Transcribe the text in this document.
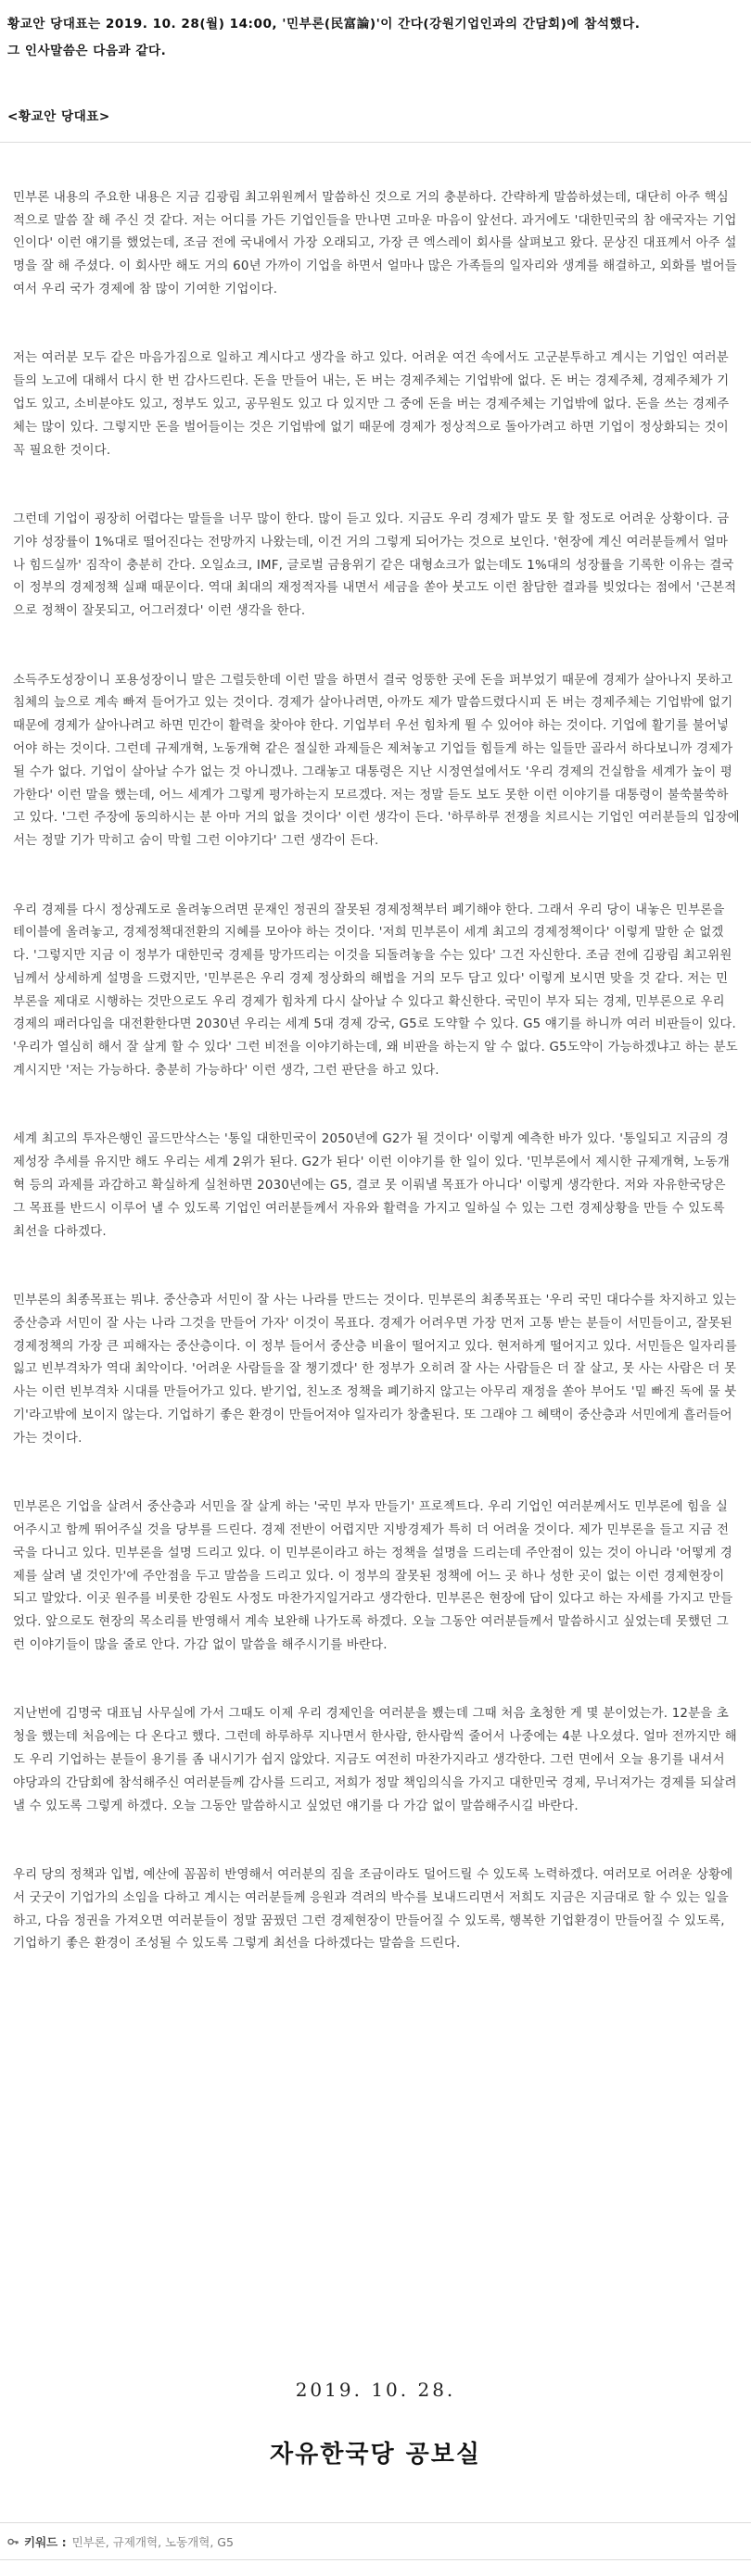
황교안 당대표는 2019. 10. 28(월) 14:00, '민부론(民富論)'이 간다(강원기업인과의 간담회)에 참석했다.
그 인사말씀은 다음과 같다.
<황교안 당대표>

민부론 내용의 주요한 내용은 지금 김광림 최고위원께서 말씀하신 것으로 거의 충분하다. 간략하게 말씀하셨는데, 대단히 아주 핵심적으로 말씀 잘 해 주신 것 같다. 저는 어디를 가든 기업인들을 만나면 고마운 마음이 앞선다. 과거에도 '대한민국의 참 애국자는 기업인이다' 이런 얘기를 했었는데, 조금 전에 국내에서 가장 오래되고, 가장 큰 엑스레이 회사를 살펴보고 왔다. 문상진 대표께서 아주 설명을 잘 해 주셨다. 이 회사만 해도 거의 60년 가까이 기업을 하면서 얼마나 많은 가족들의 일자리와 생계를 해결하고, 외화를 벌어들여서 우리 국가 경제에 참 많이 기여한 기업이다.

저는 여러분 모두 같은 마음가짐으로 일하고 계시다고 생각을 하고 있다. 어려운 여건 속에서도 고군분투하고 계시는 기업인 여러분들의 노고에 대해서 다시 한 번 감사드린다. 돈을 만들어 내는, 돈 버는 경제주체는 기업밖에 없다. 돈 버는 경제주체, 경제주체가 기업도 있고, 소비분야도 있고, 정부도 있고, 공무원도 있고 다 있지만 그 중에 돈을 버는 경제주체는 기업밖에 없다. 돈을 쓰는 경제주체는 많이 있다. 그렇지만 돈을 벌어들이는 것은 기업밖에 없기 때문에 경제가 정상적으로 돌아가려고 하면 기업이 정상화되는 것이 꼭 필요한 것이다.

그런데 기업이 굉장히 어렵다는 말들을 너무 많이 한다. 많이 듣고 있다. 지금도 우리 경제가 말도 못 할 정도로 어려운 상황이다. 금기야 성장률이 1%대로 떨어진다는 전망까지 나왔는데, 이건 거의 그렇게 되어가는 것으로 보인다. '현장에 계신 여러분들께서 얼마나 힘드실까' 짐작이 충분히 간다. 오일쇼크, IMF, 글로벌 금융위기 같은 대형쇼크가 없는데도 1%대의 성장률을 기록한 이유는 결국 이 정부의 경제정책 실패 때문이다. 역대 최대의 재정적자를 내면서 세금을 쏟아 붓고도 이런 참담한 결과를 빚었다는 점에서 '근본적으로 정책이 잘못되고, 어그러졌다' 이런 생각을 한다.

소득주도성장이니 포용성장이니 말은 그럴듯한데 이런 말을 하면서 결국 엉뚱한 곳에 돈을 퍼부었기 때문에 경제가 살아나지 못하고 침체의 늪으로 계속 빠져 들어가고 있는 것이다. 경제가 살아나려면, 아까도 제가 말씀드렸다시피 돈 버는 경제주체는 기업밖에 없기 때문에 경제가 살아나려고 하면 민간이 활력을 찾아야 한다. 기업부터 우선 힘차게 뛸 수 있어야 하는 것이다. 기업에 활기를 불어넣어야 하는 것이다. 그런데 규제개혁, 노동개혁 같은 절실한 과제들은 제쳐놓고 기업들 힘들게 하는 일들만 골라서 하다보니까 경제가 될 수가 없다. 기업이 살아날 수가 없는 것 아니겠나. 그래놓고 대통령은 지난 시정연설에서도 '우리 경제의 건실함을 세계가 높이 평가한다' 이런 말을 했는데, 어느 세계가 그렇게 평가하는지 모르겠다. 저는 정말 듣도 보도 못한 이런 이야기를 대통령이 불쑥불쑥하고 있다. '그런 주장에 동의하시는 분 아마 거의 없을 것이다' 이런 생각이 든다. '하루하루 전쟁을 치르시는 기업인 여러분들의 입장에서는 정말 기가 막히고 숨이 막힐 그런 이야기다' 그런 생각이 든다.

우리 경제를 다시 정상궤도로 올려놓으려면 문재인 정권의 잘못된 경제정책부터 폐기해야 한다. 그래서 우리 당이 내놓은 민부론을 테이블에 올려놓고, 경제정책대전환의 지혜를 모아야 하는 것이다. '저희 민부론이 세계 최고의 경제정책이다' 이렇게 말한 순 없겠다. '그렇지만 지금 이 정부가 대한민국 경제를 망가뜨리는 이것을 되돌려놓을 수는 있다' 그건 자신한다. 조금 전에 김광림 최고위원님께서 상세하게 설명을 드렸지만, '민부론은 우리 경제 정상화의 해법을 거의 모두 담고 있다' 이렇게 보시면 맞을 것 같다. 저는 민부론을 제대로 시행하는 것만으로도 우리 경제가 힘차게 다시 살아날 수 있다고 확신한다. 국민이 부자 되는 경제, 민부론으로 우리 경제의 패러다임을 대전환한다면 2030년 우리는 세계 5대 경제 강국, G5로 도약할 수 있다. G5 얘기를 하니까 여러 비판들이 있다. '우리가 열심히 해서 잘 살게 할 수 있다' 그런 비전을 이야기하는데, 왜 비판을 하는지 알 수 없다. G5도약이 가능하겠냐고 하는 분도 계시지만 '저는 가능하다. 충분히 가능하다' 이런 생각, 그런 판단을 하고 있다.

세계 최고의 투자은행인 골드만삭스는 '통일 대한민국이 2050년에 G2가 될 것이다' 이렇게 예측한 바가 있다. '통일되고 지금의 경제성장 추세를 유지만 해도 우리는 세계 2위가 된다. G2가 된다' 이런 이야기를 한 일이 있다. '민부론에서 제시한 규제개혁, 노동개혁 등의 과제를 과감하고 확실하게 실천하면 2030년에는 G5, 결코 못 이뤄낼 목표가 아니다' 이렇게 생각한다. 저와 자유한국당은 그 목표를 반드시 이루어 낼 수 있도록 기업인 여러분들께서 자유와 활력을 가지고 일하실 수 있는 그런 경제상황을 만들 수 있도록 최선을 다하겠다.

민부론의 최종목표는 뭐냐. 중산층과 서민이 잘 사는 나라를 만드는 것이다. 민부론의 최종목표는 '우리 국민 대다수를 차지하고 있는 중산층과 서민이 잘 사는 나라 그것을 만들어 가자' 이것이 목표다. 경제가 어려우면 가장 먼저 고통 받는 분들이 서민들이고, 잘못된 경제정책의 가장 큰 피해자는 중산층이다. 이 정부 들어서 중산층 비율이 떨어지고 있다. 현저하게 떨어지고 있다. 서민들은 일자리를 잃고 빈부격차가 역대 최악이다. '어려운 사람들을 잘 챙기겠다' 한 정부가 오히려 잘 사는 사람들은 더 잘 살고, 못 사는 사람은 더 못 사는 이런 빈부격차 시대를 만들어가고 있다. 받기업, 친노조 정책을 폐기하지 않고는 아무리 재정을 쏟아 부어도 '밑 빠진 독에 물 붓기'라고밖에 보이지 않는다. 기업하기 좋은 환경이 만들어져야 일자리가 창출된다. 또 그래야 그 혜택이 중산층과 서민에게 흘러들어가는 것이다.

민부론은 기업을 살려서 중산층과 서민을 잘 살게 하는 '국민 부자 만들기' 프로젝트다. 우리 기업인 여러분께서도 민부론에 힘을 실어주시고 함께 뛰어주실 것을 당부를 드린다. 경제 전반이 어렵지만 지방경제가 특히 더 어려울 것이다. 제가 민부론을 들고 지금 전국을 다니고 있다. 민부론을 설명 드리고 있다. 이 민부론이라고 하는 정책을 설명을 드리는데 주안점이 있는 것이 아니라 '어떻게 경제를 살려 낼 것인가'에 주안점을 두고 말씀을 드리고 있다. 이 정부의 잘못된 정책에 어느 곳 하나 성한 곳이 없는 이런 경제현장이 되고 말았다. 이곳 원주를 비롯한 강원도 사정도 마찬가지일거라고 생각한다. 민부론은 현장에 답이 있다고 하는 자세를 가지고 만들었다. 앞으로도 현장의 목소리를 반영해서 계속 보완해 나가도록 하겠다. 오늘 그동안 여러분들께서 말씀하시고 싶었는데 못했던 그런 이야기들이 많을 줄로 안다. 가감 없이 말씀을 해주시기를 바란다.

지난번에 김명국 대표님 사무실에 가서 그때도 이제 우리 경제인을 여러분을 뵀는데 그때 처음 초청한 게 몇 분이었는가. 12분을 초청을 했는데 처음에는 다 온다고 했다. 그런데 하루하루 지나면서 한사람, 한사람씩 줄어서 나중에는 4분 나오셨다. 얼마 전까지만 해도 우리 기업하는 분들이 용기를 좀 내시기가 쉽지 않았다. 지금도 여전히 마찬가지라고 생각한다. 그런 면에서 오늘 용기를 내셔서 야당과의 간담회에 참석해주신 여러분들께 감사를 드리고, 저희가 정말 책임의식을 가지고 대한민국 경제, 무너져가는 경제를 되살려 낼 수 있도록 그렇게 하겠다. 오늘 그동안 말씀하시고 싶었던 얘기를 다 가감 없이 말씀해주시길 바란다.

우리 당의 정책과 입법, 예산에 꼼꼼히 반영해서 여러분의 짐을 조금이라도 덜어드릴 수 있도록 노력하겠다. 여러모로 어려운 상황에서 굿굿이 기업가의 소임을 다하고 계시는 여러분들께 응원과 격려의 박수를 보내드리면서 저희도 지금은 지금대로 할 수 있는 일을 하고, 다음 정권을 가져오면 여러분들이 정말 꿈꿨던 그런 경제현장이 만들어질 수 있도록, 행복한 기업환경이 만들어질 수 있도록, 기업하기 좋은 환경이 조성될 수 있도록 그렇게 최선을 다하겠다는 말씀을 드린다.

2019. 10. 28.
자유한국당 공보실
키워드 : 민부론,
규제개혁,
노동개혁,
G5
